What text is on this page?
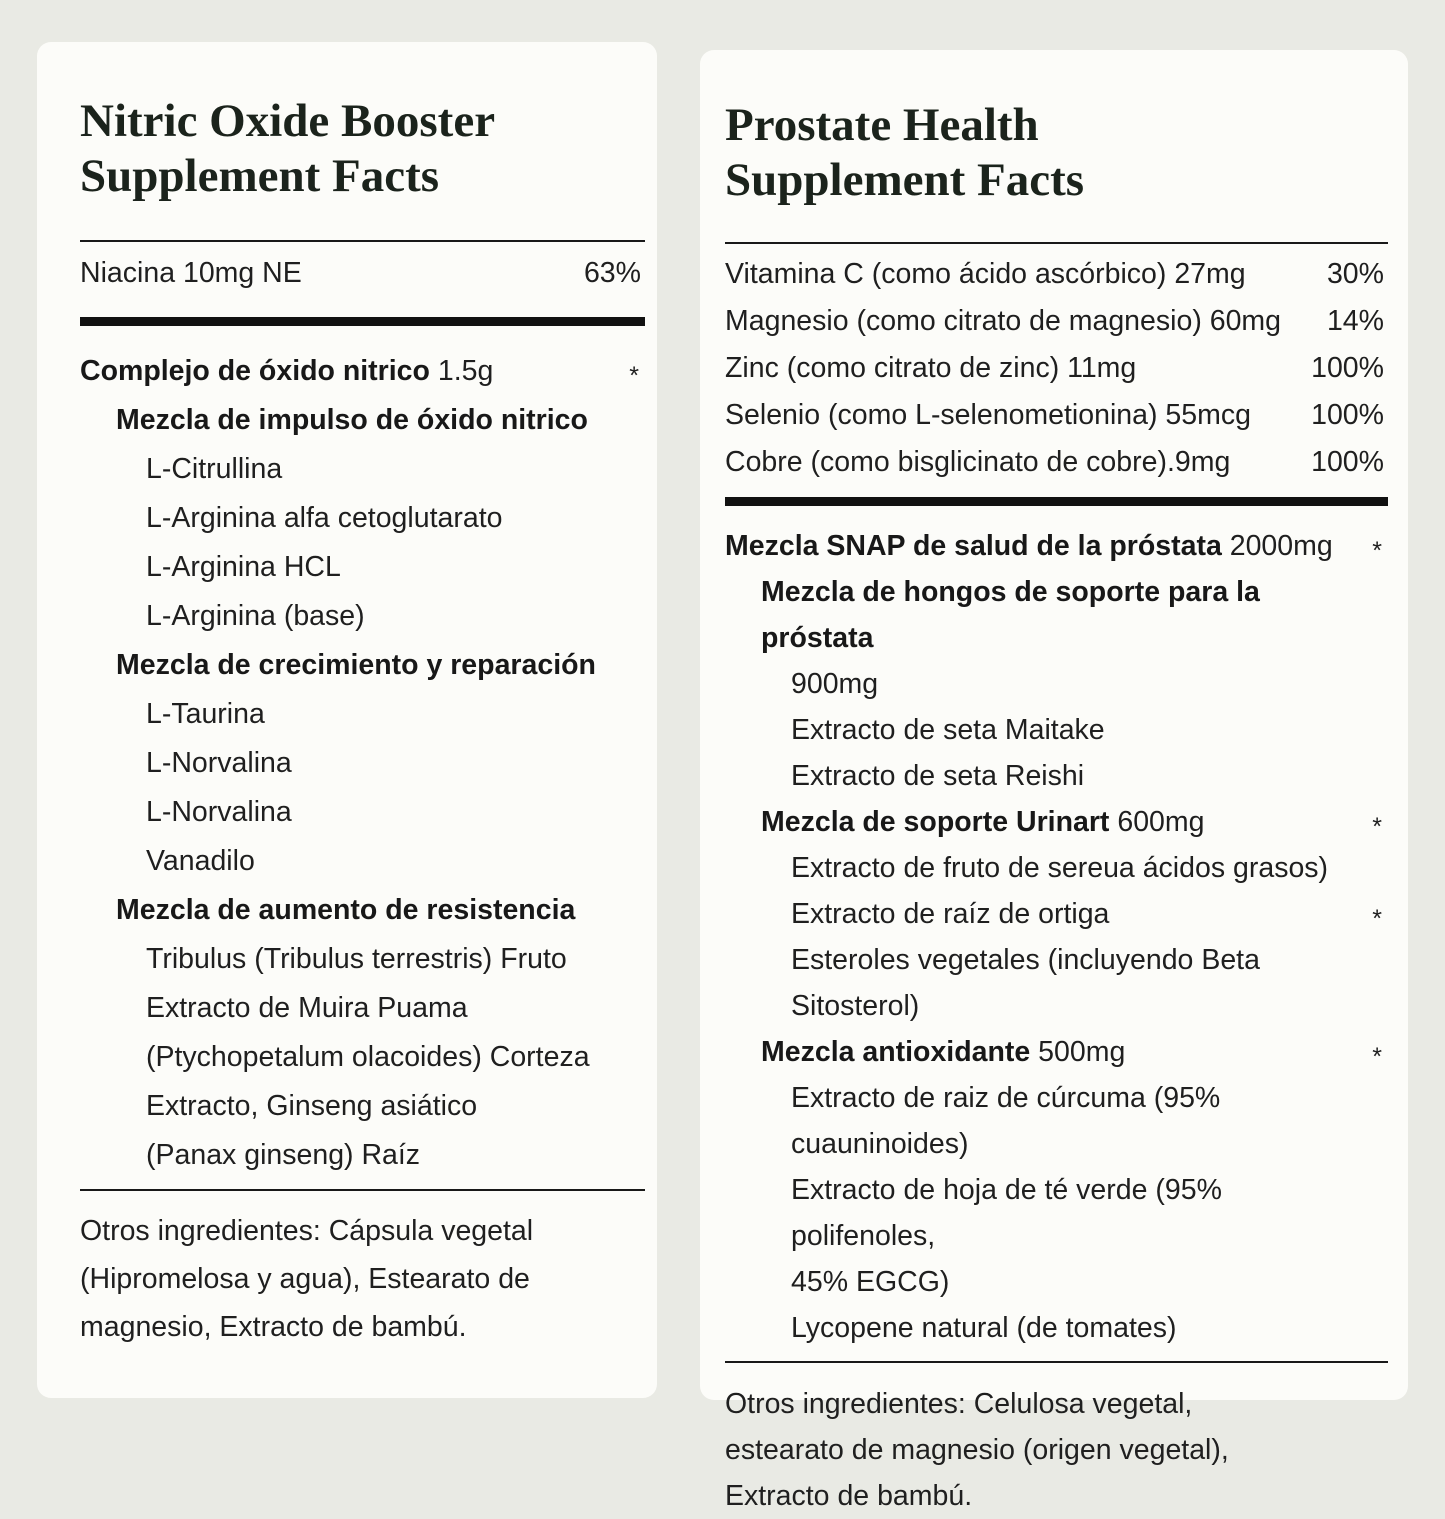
Nitric Oxide Booster
Supplement Facts
Niacina 10mg NE	63%
Complejo de óxido nitrico 1.5g	*
Mezcla de impulso de óxido nitrico
L-Citrullina
L-Arginina alfa cetoglutarato
L-Arginina HCL
L-Arginina (base)
Mezcla de crecimiento y reparación
L-Taurina
L-Norvalina
L-Norvalina
Vanadilo
Mezcla de aumento de resistencia
Tribulus (Tribulus terrestris) Fruto
Extracto de Muira Puama
(Ptychopetalum olacoides) Corteza
Extracto, Ginseng asiático
(Panax ginseng) Raíz
Otros ingredientes: Cápsula vegetal
(Hipromelosa y agua), Estearato de
magnesio, Extracto de bambú.
Prostate Health
Supplement Facts
Vitamina C (como ácido ascórbico) 27mg	30%
Magnesio (como citrato de magnesio) 60mg 14%
Zinc (como citrato de zinc) 11mg	100%
Selenio (como L-selenometionina) 55mcg 100%
Cobre (como bisglicinato de cobre).9mg	100%
Mezcla SNAP de salud de la próstata 2000mg *
Mezcla de hongos de soporte para la próstata
900mg
Extracto de seta Maitake
Extracto de seta Reishi
Mezcla de soporte Urinart 600mg	*
Extracto de fruto de sereua ácidos grasos)
Extracto de raíz de ortiga	*
Esteroles vegetales (incluyendo Beta
Sitosterol)
Mezcla antioxidante 500mg	*
Extracto de raiz de cúrcuma (95% cuauninoides)
Extracto de hoja de té verde (95% polifenoles,
45% EGCG)
Lycopene natural (de tomates)
Otros ingredientes: Celulosa vegetal,
estearato de magnesio (origen vegetal),
Extracto de bambú.
